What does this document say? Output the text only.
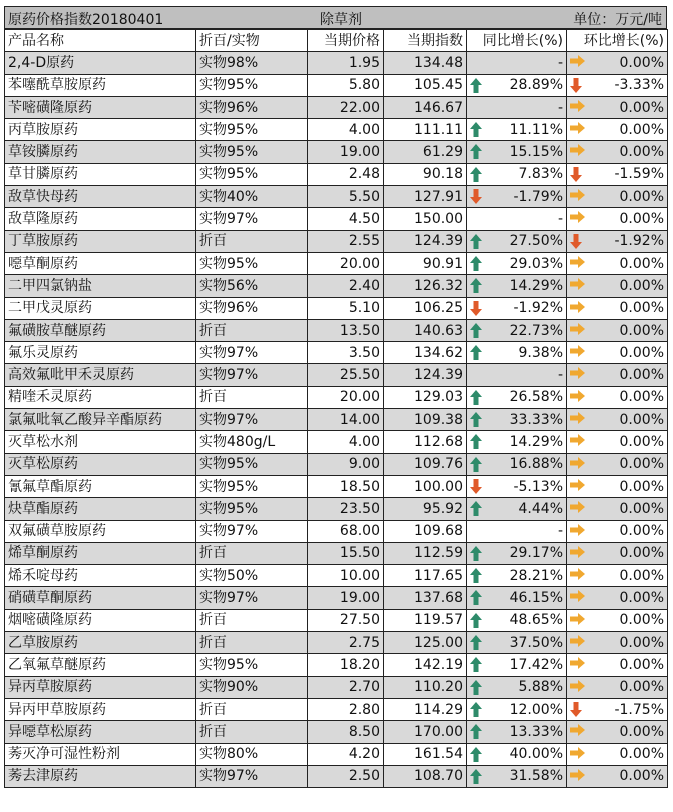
原药价格指数20180401	除草剂	单位：万元/吨
产品名称	折百/实物	当期价格	当期指数	同比增长(%)	环比增长(%)
2,4-D原药	实物98%	1.95	134.48	-	0.00%
苯噻酰草胺原药	实物95%	5.80	105.45	28.89%	-3.33%
苄嘧磺隆原药	实物96%	22.00	146.67	-	0.00%
丙草胺原药	实物95%	4.00	111.11	11.11%	0.00%
草铵膦原药	实物95%	19.00	61.29	15.15%	0.00%
草甘膦原药	实物95%	2.48	90.18	7.83%	-1.59%
敌草快母药	实物40%	5.50	127.91	-1.79%	0.00%
敌草隆原药	实物97%	4.50	150.00	-	0.00%
丁草胺原药	折百	2.55	124.39	27.50%	-1.92%
噁草酮原药	实物95%	20.00	90.91	29.03%	0.00%
二甲四氯钠盐	实物56%	2.40	126.32	14.29%	0.00%
二甲戊灵原药	实物96%	5.10	106.25	-1.92%	0.00%
氟磺胺草醚原药	折百	13.50	140.63	22.73%	0.00%
氟乐灵原药	实物97%	3.50	134.62	9.38%	0.00%
高效氟吡甲禾灵原药	实物97%	25.50	124.39	-	0.00%
精喹禾灵原药	折百	20.00	129.03	26.58%	0.00%
氯氟吡氧乙酸异辛酯原药	实物97%	14.00	109.38	33.33%	0.00%
灭草松水剂	实物480g/L	4.00	112.68	14.29%	0.00%
灭草松原药	实物95%	9.00	109.76	16.88%	0.00%
氰氟草酯原药	实物95%	18.50	100.00	-5.13%	0.00%
炔草酯原药	实物95%	23.50	95.92	4.44%	0.00%
双氟磺草胺原药	实物97%	68.00	109.68	-	0.00%
烯草酮原药	折百	15.50	112.59	29.17%	0.00%
烯禾啶母药	实物50%	10.00	117.65	28.21%	0.00%
硝磺草酮原药	实物97%	19.00	137.68	46.15%	0.00%
烟嘧磺隆原药	折百	27.50	119.57	48.65%	0.00%
乙草胺原药	折百	2.75	125.00	37.50%	0.00%
乙氧氟草醚原药	实物95%	18.20	142.19	17.42%	0.00%
异丙草胺原药	实物90%	2.70	110.20	5.88%	0.00%
异丙甲草胺原药	折百	2.80	114.29	12.00%	-1.75%
异噁草松原药	折百	8.50	170.00	13.33%	0.00%
莠灭净可湿性粉剂	实物80%	4.20	161.54	40.00%	0.00%
莠去津原药	实物97%	2.50	108.70	31.58%	0.00%
